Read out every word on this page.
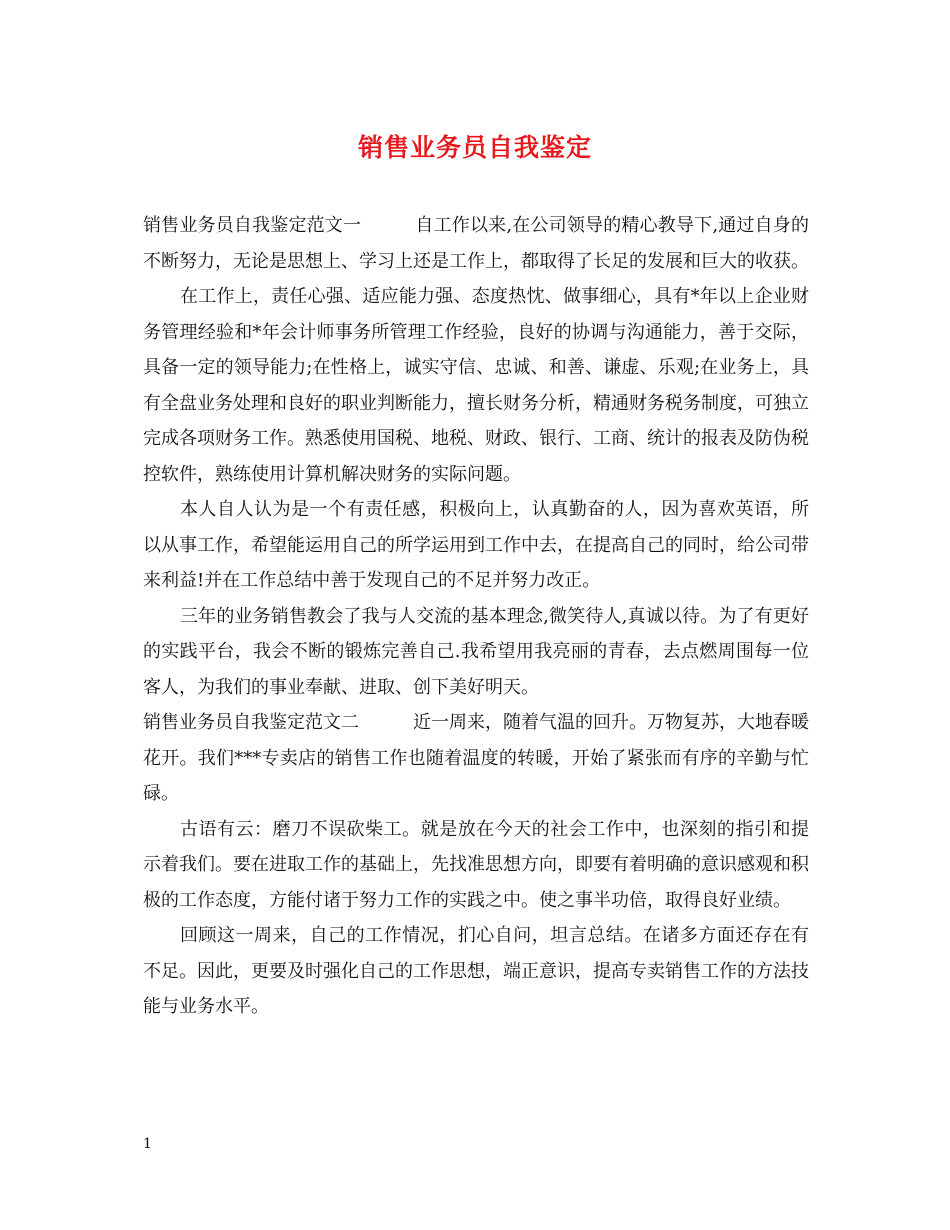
销售业务员自我鉴定

销售业务员自我鉴定范文一	自工作以来,在公司领导的精心教导下,通过自身的不断努力，无论是思想上、学习上还是工作上，都取得了长足的发展和巨大的收获。

在工作上，责任心强、适应能力强、态度热忱、做事细心，具有*年以上企业财务管理经验和*年会计师事务所管理工作经验，良好的协调与沟通能力，善于交际，具备一定的领导能力;在性格上，诚实守信、忠诚、和善、谦虚、乐观;在业务上，具有全盘业务处理和良好的职业判断能力，擅长财务分析，精通财务税务制度，可独立完成各项财务工作。熟悉使用国税、地税、财政、银行、工商、统计的报表及防伪税控软件，熟练使用计算机解决财务的实际问题。

本人自人认为是一个有责任感，积极向上，认真勤奋的人，因为喜欢英语，所以从事工作，希望能运用自己的所学运用到工作中去，在提高自己的同时，给公司带来利益!并在工作总结中善于发现自己的不足并努力改正。

三年的业务销售教会了我与人交流的基本理念,微笑待人,真诚以待。为了有更好的实践平台，我会不断的锻炼完善自己.我希望用我亮丽的青春，去点燃周围每一位客人，为我们的事业奉献、进取、创下美好明天。

销售业务员自我鉴定范文二	近一周来，随着气温的回升。万物复苏，大地春暖花开。我们***专卖店的销售工作也随着温度的转暖，开始了紧张而有序的辛勤与忙碌。

古语有云：磨刀不误砍柴工。就是放在今天的社会工作中，也深刻的指引和提示着我们。要在进取工作的基础上，先找准思想方向，即要有着明确的意识感观和积极的工作态度，方能付诸于努力工作的实践之中。使之事半功倍，取得良好业绩。

回顾这一周来，自己的工作情况，扪心自问，坦言总结。在诸多方面还存在有不足。因此，更要及时强化自己的工作思想，端正意识，提高专卖销售工作的方法技能与业务水平。

1
